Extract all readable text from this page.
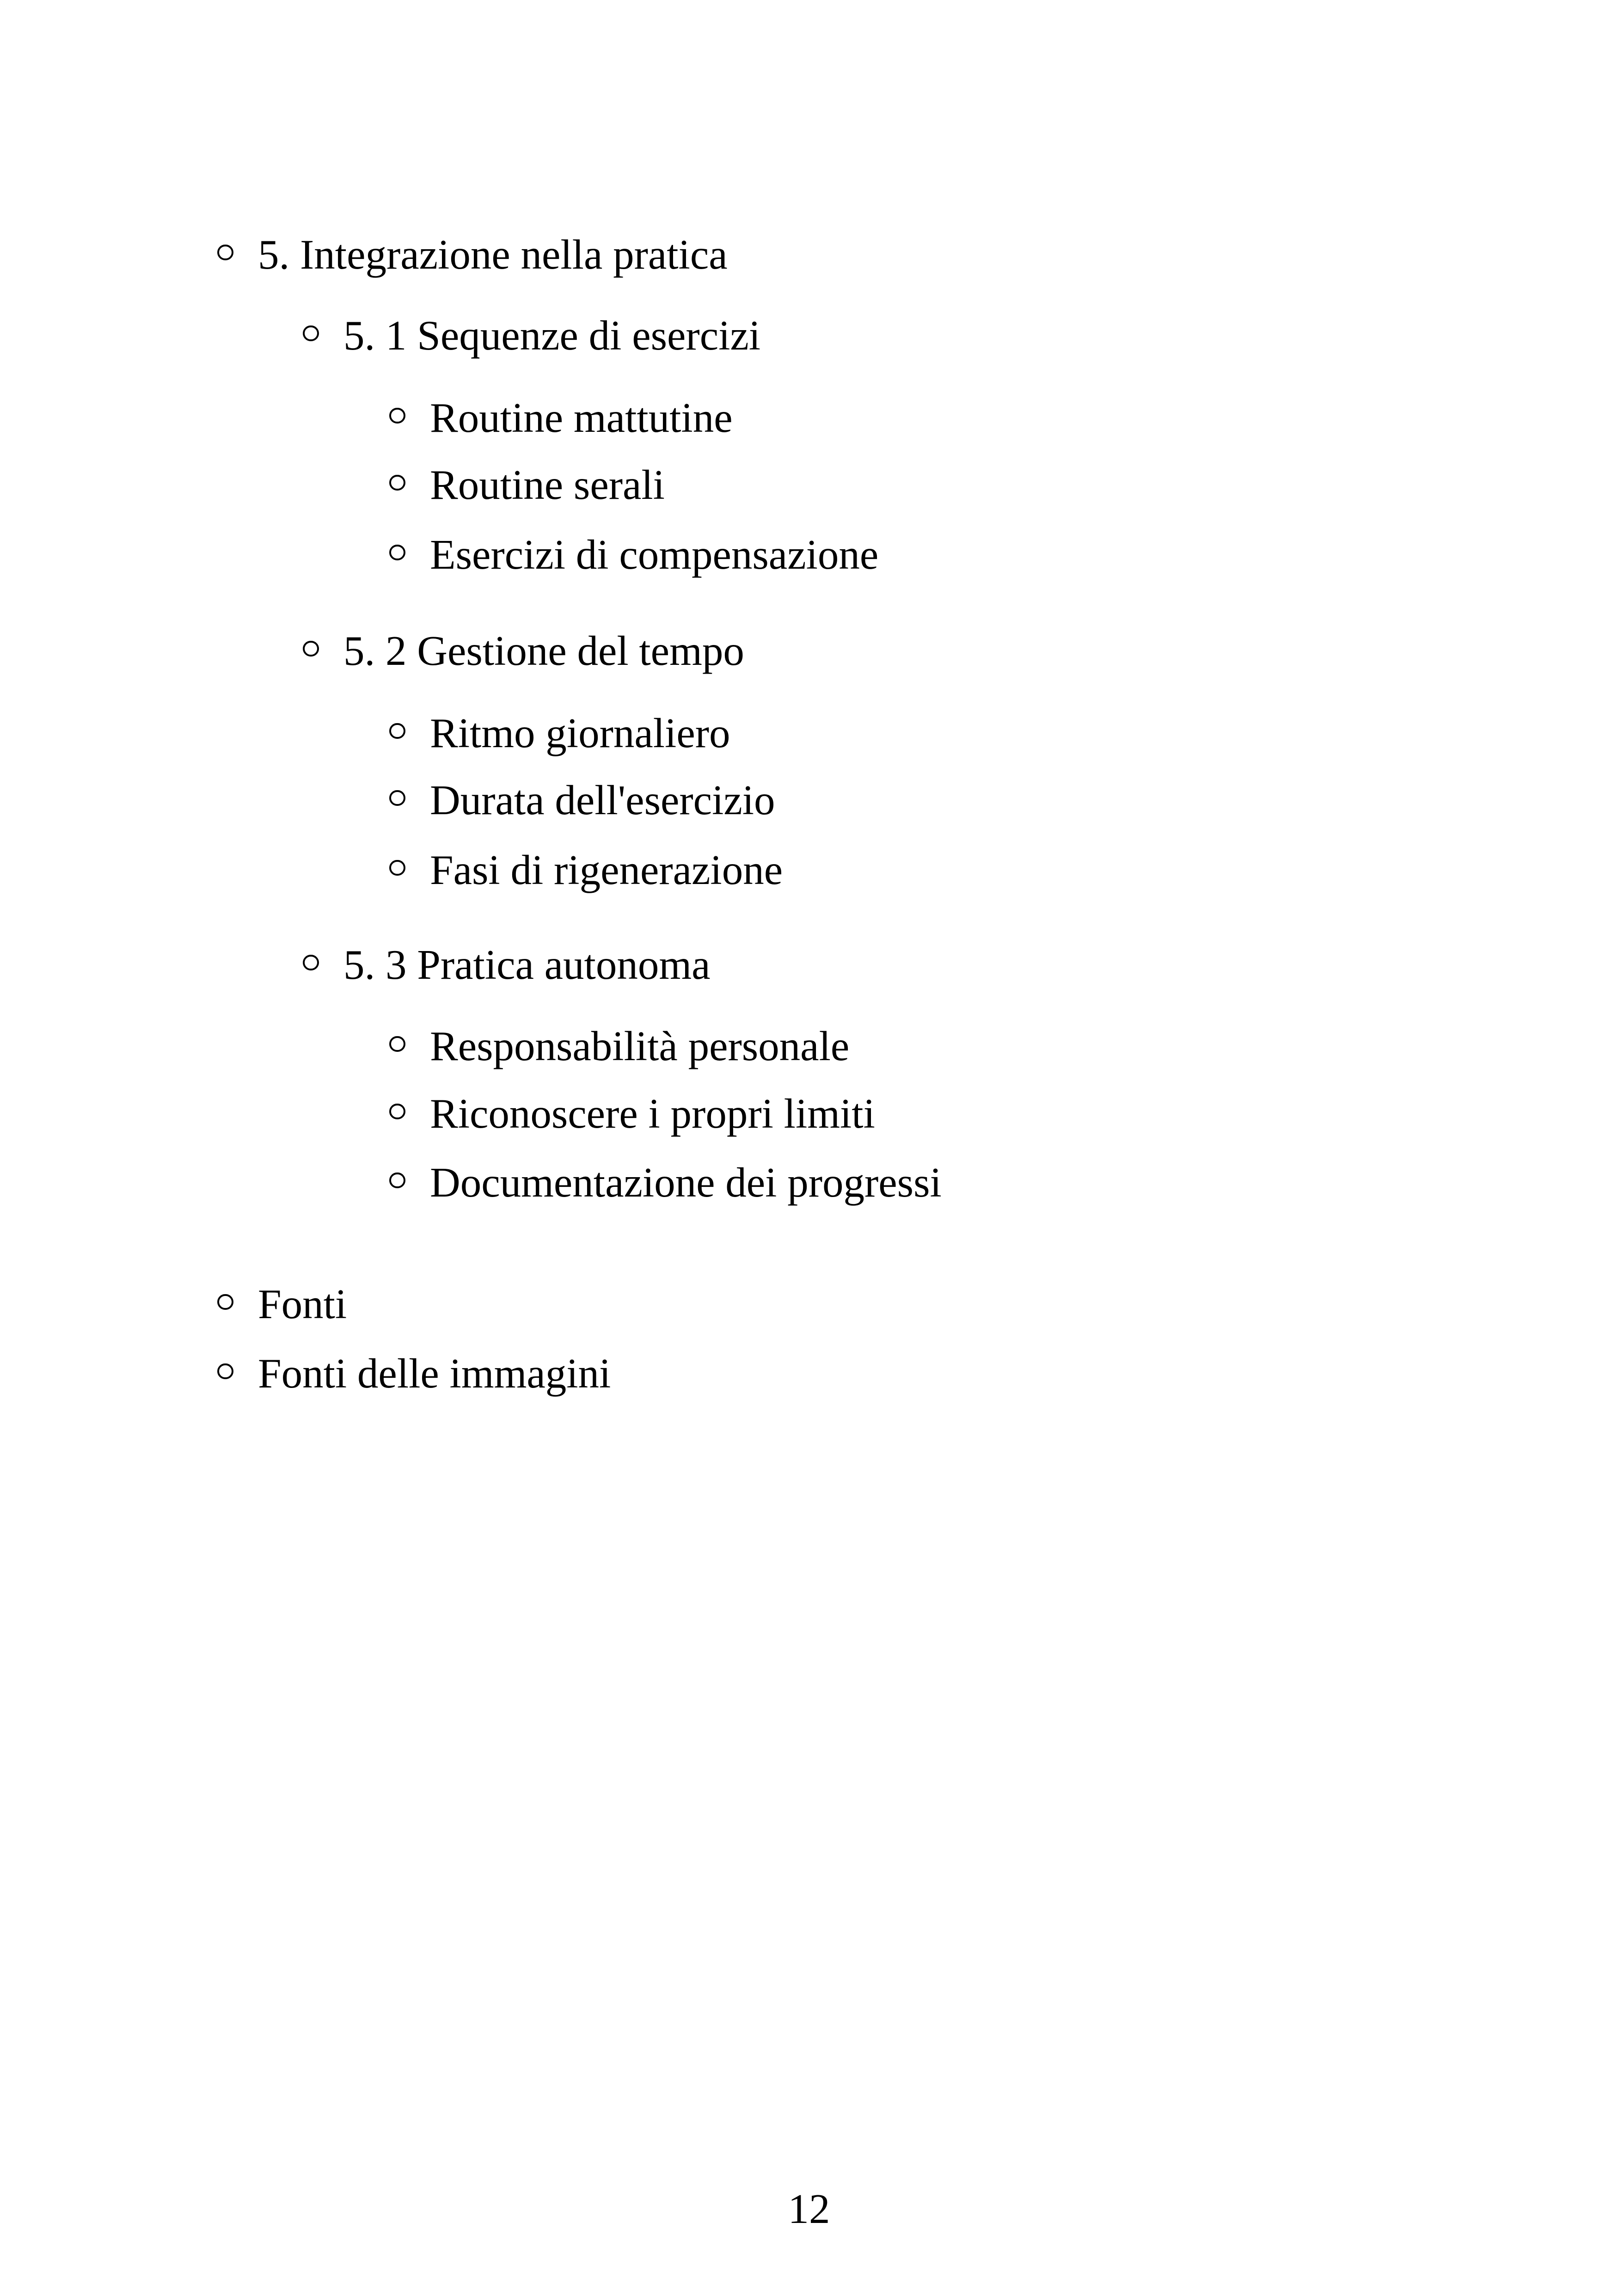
5. Integrazione nella pratica
5. 1 Sequenze di esercizi
Routine mattutine
Routine serali
Esercizi di compensazione
5. 2 Gestione del tempo
Ritmo giornaliero
Durata dell'esercizio
Fasi di rigenerazione
5. 3 Pratica autonoma
Responsabilità personale
Riconoscere i propri limiti
Documentazione dei progressi
Fonti
Fonti delle immagini
12
